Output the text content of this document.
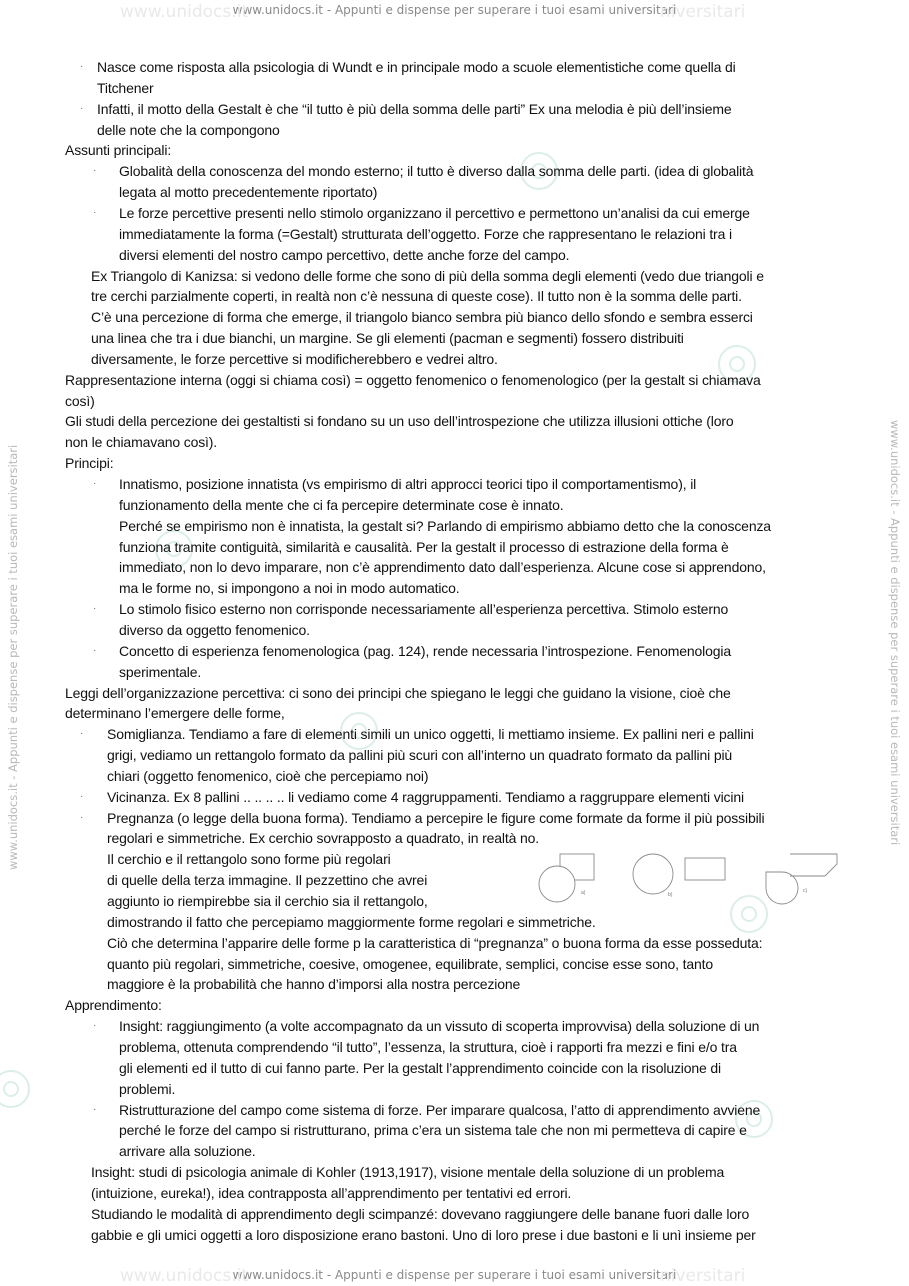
www.unidocs.it - Appunti e dispense per superare i tuoi esami universitari
www.unidocs.it	niversitari
www.unidocs.it - Appunti e dispense per superare i tuoi esami universitari	www.unidocs.it - Appunti e dispense per superare i tuoi esami universitari
Nasce come risposta alla psicologia di Wundt e in principale modo a scuole elementistiche come quella di
Titchener
Infatti, il motto della Gestalt è che “il tutto è più della somma delle parti” Ex una melodia è più dell’insieme
delle note che la compongono
Assunti principali:
Globalità della conoscenza del mondo esterno; il tutto è diverso dalla somma delle parti. (idea di globalità
legata al motto precedentemente riportato)
Le forze percettive presenti nello stimolo organizzano il percettivo e permettono un’analisi da cui emerge
immediatamente la forma (=Gestalt) strutturata dell’oggetto. Forze che rappresentano le relazioni tra i
diversi elementi del nostro campo percettivo, dette anche forze del campo.
Ex Triangolo di Kanizsa: si vedono delle forme che sono di più della somma degli elementi (vedo due triangoli e
tre cerchi parzialmente coperti, in realtà non c’è nessuna di queste cose). Il tutto non è la somma delle parti.
C’è una percezione di forma che emerge, il triangolo bianco sembra più bianco dello sfondo e sembra esserci
una linea che tra i due bianchi, un margine. Se gli elementi (pacman e segmenti) fossero distribuiti
diversamente, le forze percettive si modificherebbero e vedrei altro.
Rappresentazione interna (oggi si chiama così) = oggetto fenomenico o fenomenologico (per la gestalt si chiamava
così)
Gli studi della percezione dei gestaltisti si fondano su un uso dell’introspezione che utilizza illusioni ottiche (loro
non le chiamavano così).
Principi:
Innatismo, posizione innatista (vs empirismo di altri approcci teorici tipo il comportamentismo), il
funzionamento della mente che ci fa percepire determinate cose è innato.
Perché se empirismo non è innatista, la gestalt si? Parlando di empirismo abbiamo detto che la conoscenza
funziona tramite contiguità, similarità e causalità. Per la gestalt il processo di estrazione della forma è
immediato, non lo devo imparare, non c’è apprendimento dato dall’esperienza. Alcune cose si apprendono,
ma le forme no, si impongono a noi in modo automatico.
Lo stimolo fisico esterno non corrisponde necessariamente all’esperienza percettiva. Stimolo esterno
diverso da oggetto fenomenico.
Concetto di esperienza fenomenologica (pag. 124), rende necessaria l’introspezione. Fenomenologia
sperimentale.
Leggi dell’organizzazione percettiva: ci sono dei principi che spiegano le leggi che guidano la visione, cioè che
determinano l’emergere delle forme,
Somiglianza. Tendiamo a fare di elementi simili un unico oggetti, li mettiamo insieme. Ex pallini neri e pallini
grigi, vediamo un rettangolo formato da pallini più scuri con all’interno un quadrato formato da pallini più
chiari (oggetto fenomenico, cioè che percepiamo noi)
Vicinanza. Ex 8 pallini .. .. .. .. li vediamo come 4 raggruppamenti. Tendiamo a raggruppare elementi vicini
Pregnanza (o legge della buona forma). Tendiamo a percepire le figure come formate da forme il più possibili
regolari e simmetriche. Ex cerchio sovrapposto a quadrato, in realtà no.
Il cerchio e il rettangolo sono forme più regolari
di quelle della terza immagine. Il pezzettino che avrei
aggiunto io riempirebbe sia il cerchio sia il rettangolo,
dimostrando il fatto che percepiamo maggiormente forme regolari e simmetriche.
Ciò che determina l’apparire delle forme p la caratteristica di “pregnanza” o buona forma da esse posseduta:
quanto più regolari, simmetriche, coesive, omogenee, equilibrate, semplici, concise esse sono, tanto
maggiore è la probabilità che hanno d’imporsi alla nostra percezione
Apprendimento:
Insight: raggiungimento (a volte accompagnato da un vissuto di scoperta improvvisa) della soluzione di un
problema, ottenuta comprendendo “il tutto”, l’essenza, la struttura, cioè i rapporti fra mezzi e fini e/o tra
gli elementi ed il tutto di cui fanno parte. Per la gestalt l’apprendimento coincide con la risoluzione di
problemi.
Ristrutturazione del campo come sistema di forze. Per imparare qualcosa, l’atto di apprendimento avviene
perché le forze del campo si ristrutturano, prima c’era un sistema tale che non mi permetteva di capire e
arrivare alla soluzione.
Insight: studi di psicologia animale di Kohler (1913,1917), visione mentale della soluzione di un problema
(intuizione, eureka!), idea contrapposta all’apprendimento per tentativi ed errori.
Studiando le modalità di apprendimento degli scimpanzé: dovevano raggiungere delle banane fuori dalle loro
gabbie e gli umici oggetti a loro disposizione erano bastoni. Uno di loro prese i due bastoni e li unì insieme per
·
·
·
·
·
·
·
·
·
·
·
·
a)	b)
c)
www.unidocs.it - Appunti e dispense per superare i tuoi esami universitari
www.unidocs.it	niversitari
